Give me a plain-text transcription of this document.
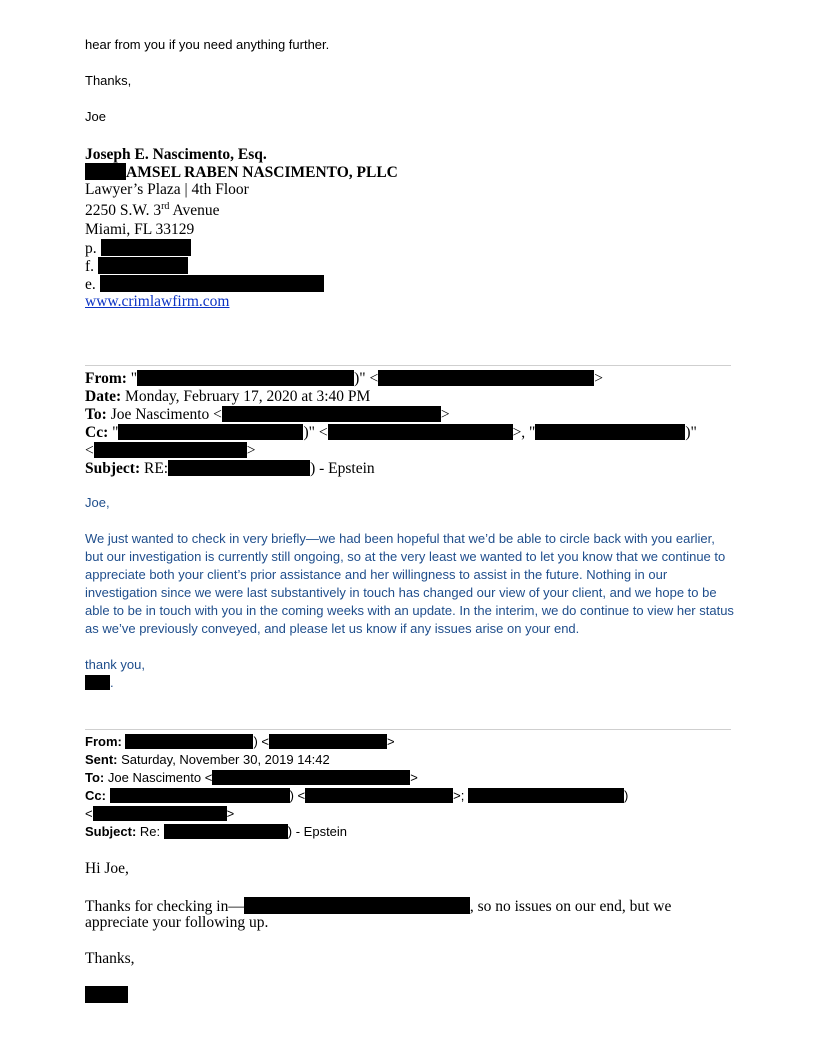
hear from you if you need anything further.
Thanks,
Joe
Joseph E. Nascimento, Esq.
AMSEL RABEN NASCIMENTO, PLLC
Lawyer’s Plaza | 4th Floor
2250 S.W. 3rd Avenue
Miami, FL 33129
p.
f.
e.
www.crimlawfirm.com
From: "	)" <	>
Date: Monday, February 17, 2020 at 3:40 PM
To: Joe Nascimento <	>
Cc: "	)" <	>, "	)"
<	>
Subject: RE:	) - Epstein
Joe,
We just wanted to check in very briefly—we had been hopeful that we’d be able to circle back with you earlier, but our investigation is currently still ongoing, so at the very least we wanted to let you know that we continue to appreciate both your client’s prior assistance and her willingness to assist in the future. Nothing in our investigation since we were last substantively in touch has changed our view of your client, and we hope to be able to be in touch with you in the coming weeks with an update. In the interim, we do continue to view her status as we’ve previously conveyed, and please let us know if any issues arise on your end.
thank you,
.
From:	) <	>
Sent: Saturday, November 30, 2019 14:42
To: Joe Nascimento <	>
Cc:	) <	>;	)
<	>
Subject: Re:	) - Epstein
Hi Joe,
Thanks for checking in—	, so no issues on our end, but we
appreciate your following up.
Thanks,
